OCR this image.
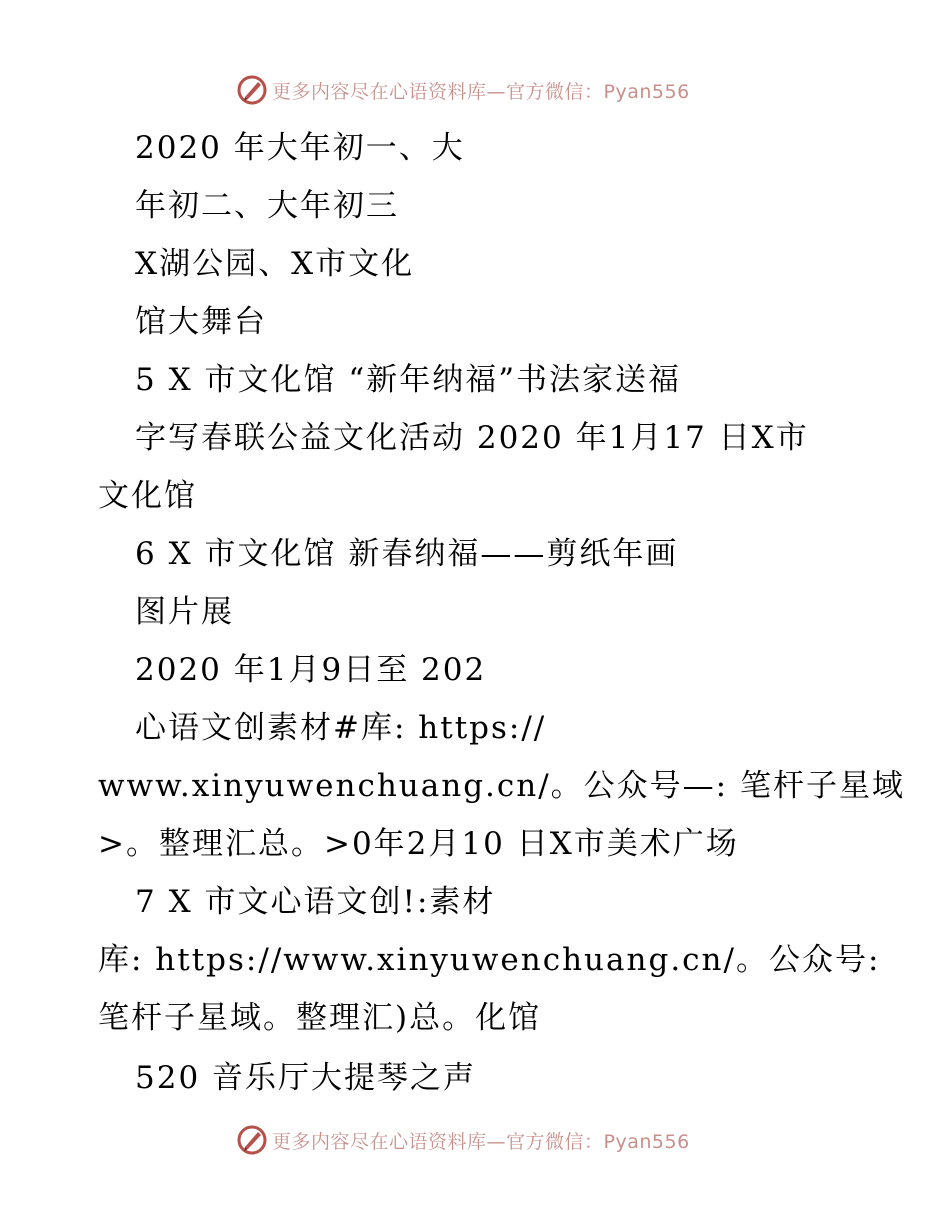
更多内容尽在心语资料库—官方微信：Pyan556
2020 年大年初一、大
年初二、大年初三
X湖公园、X市文化
馆大舞台
5 X 市文化馆 “新年纳福”书法家送福
字写春联公益文化活动 2020 年1月17 日X市
文化馆
6 X 市文化馆 新春纳福——剪纸年画
图片展
2020 年1月9日至 202
心语文创素材#库: https://
www.xinyuwenchuang.cn/。公众号—: 笔杆子星域
>。整理汇总。>0年2月10 日X市美术广场
7 X 市文心语文创!:素材
库: https://www.xinyuwenchuang.cn/。公众号:
笔杆子星域。整理汇)总。化馆
520 音乐厅大提琴之声
更多内容尽在心语资料库—官方微信：Pyan556
